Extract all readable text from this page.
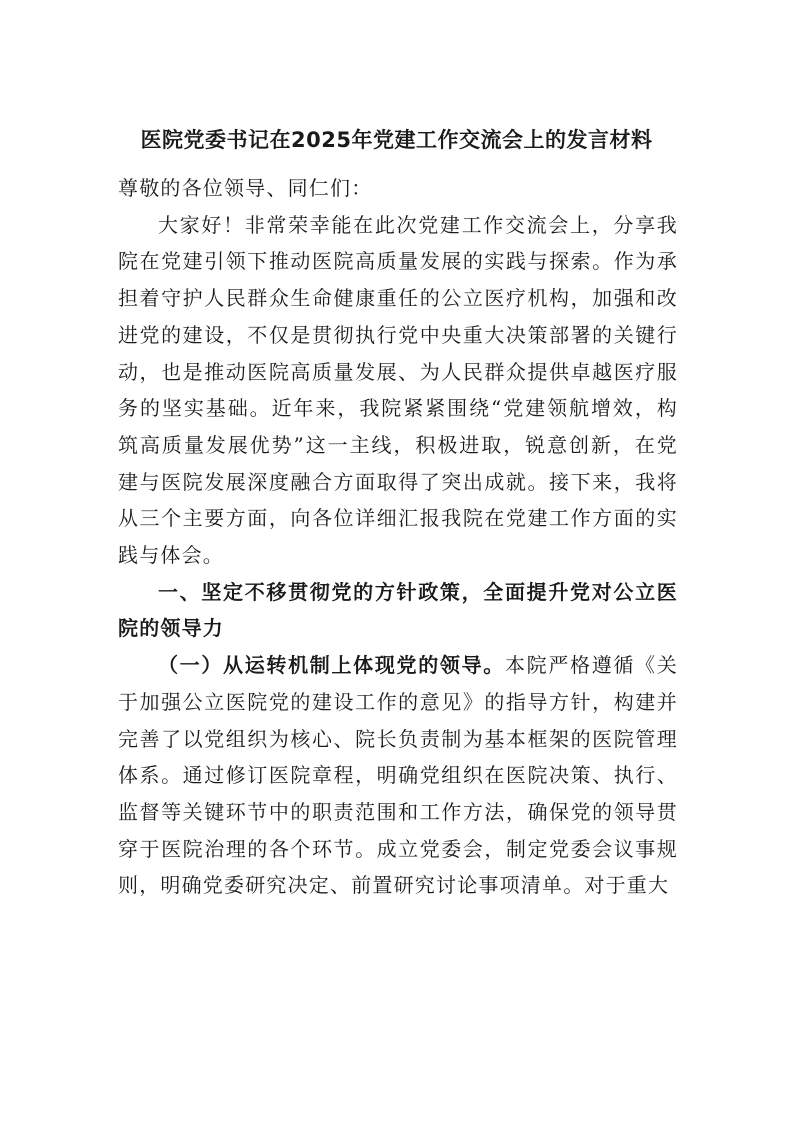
医院党委书记在2025年党建工作交流会上的发言材料

尊敬的各位领导、同仁们：

大家好！非常荣幸能在此次党建工作交流会上，分享我院在党建引领下推动医院高质量发展的实践与探索。作为承担着守护人民群众生命健康重任的公立医疗机构，加强和改进党的建设，不仅是贯彻执行党中央重大决策部署的关键行动，也是推动医院高质量发展、为人民群众提供卓越医疗服务的坚实基础。近年来，我院紧紧围绕“党建领航增效，构筑高质量发展优势”这一主线，积极进取，锐意创新，在党建与医院发展深度融合方面取得了突出成就。接下来，我将从三个主要方面，向各位详细汇报我院在党建工作方面的实践与体会。

一、坚定不移贯彻党的方针政策，全面提升党对公立医院的领导力

（一）从运转机制上体现党的领导。本院严格遵循《关于加强公立医院党的建设工作的意见》的指导方针，构建并完善了以党组织为核心、院长负责制为基本框架的医院管理体系。通过修订医院章程，明确党组织在医院决策、执行、监督等关键环节中的职责范围和工作方法，确保党的领导贯穿于医院治理的各个环节。成立党委会，制定党委会议事规则，明确党委研究决定、前置研究讨论事项清单。对于重大
